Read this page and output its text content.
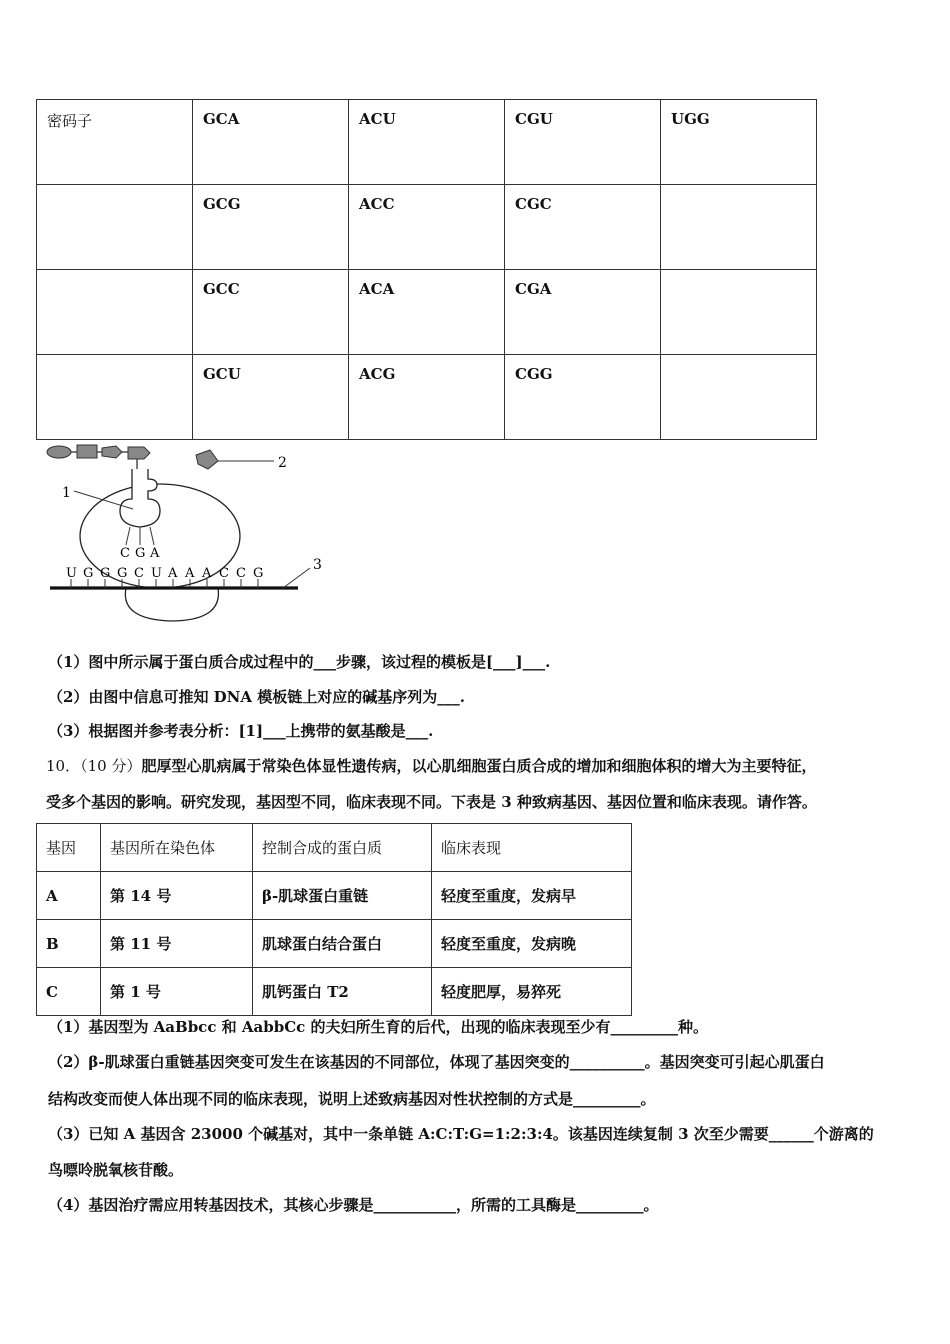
密码子	GCA	ACU	CGU	UGG

	GCG	ACC	CGC	

	GCC	ACA	CGA	

	GCU	ACG	CGG	

C G A
1
2
U G G G C U A A A C C G
3
（1）图中所示属于蛋白质合成过程中的___步骤，该过程的模板是[___]___.
（2）由图中信息可推知 DNA 模板链上对应的碱基序列为___.
（3）根据图并参考表分析：[1]___上携带的氨基酸是___.
10．（10 分）肥厚型心肌病属于常染色体显性遗传病，以心肌细胞蛋白质合成的增加和细胞体积的增大为主要特征，
受多个基因的影响。研究发现，基因型不同，临床表现不同。下表是 3 种致病基因、基因位置和临床表现。请作答。
基因	基因所在染色体	控制合成的蛋白质	临床表现

A	第 14 号	β-肌球蛋白重链	轻度至重度，发病早

B	第 11 号	肌球蛋白结合蛋白	轻度至重度，发病晚

C	第 1 号	肌钙蛋白 T2	轻度肥厚，易猝死
（1）基因型为 AaBbcc 和 AabbCc 的夫妇所生育的后代，出现的临床表现至少有_________种。
（2）β-肌球蛋白重链基因突变可发生在该基因的不同部位，体现了基因突变的__________。基因突变可引起心肌蛋白
结构改变而使人体出现不同的临床表现，说明上述致病基因对性状控制的方式是_________。
（3）已知 A 基因含 23000 个碱基对，其中一条单链 A:C:T:G=1:2:3:4。该基因连续复制 3 次至少需要______个游离的
鸟嘌呤脱氧核苷酸。
（4）基因治疗需应用转基因技术，其核心步骤是___________，所需的工具酶是_________。
